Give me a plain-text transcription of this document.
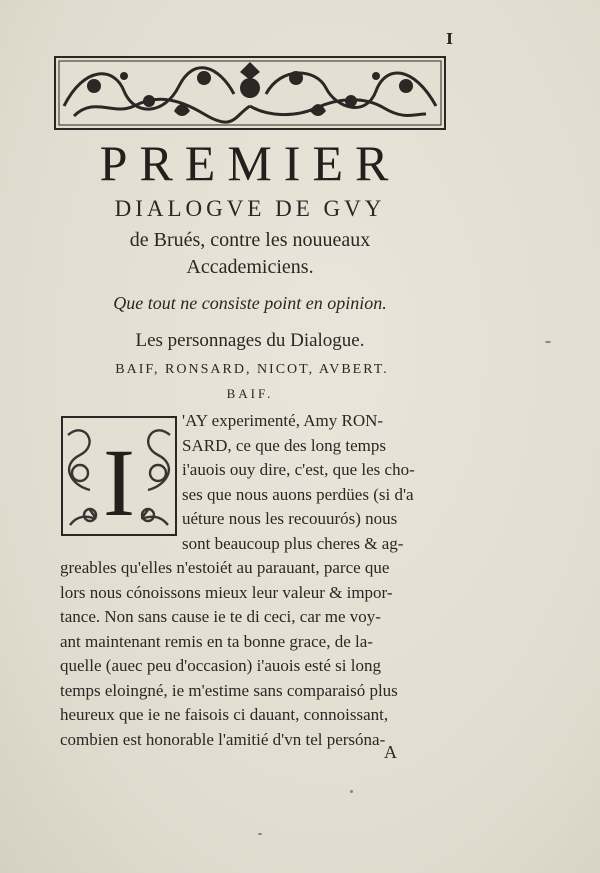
I
PREMIER
DIALOGVE DE GVY
de Brués, contre les nouueaux
Accademiciens.
Que tout ne consiste point en opinion.
Les personnages du Dialogue.
BAIF, RONSARD, NICOT, AVBERT.
BAIF.
I
'AY experimenté, Amy RON-
SARD, ce que des long temps
i'auois ouy dire, c'est, que les cho-
ses que nous auons perdües (si d'a
uéture nous les recouurós) nous
sont beaucoup plus cheres & ag-
greables qu'elles n'estoiét au parauant, parce que
lors nous cónoissons mieux leur valeur & impor-
tance. Non sans cause ie te di ceci, car me voy-
ant maintenant remis en ta bonne grace, de la-
quelle (auec peu d'occasion) i'auois esté si long
temps eloingné, ie m'estime sans comparaisó plus
heureux que ie ne faisois ci dauant, connoissant,
combien est honorable l'amitié d'vn tel persóna-
A
